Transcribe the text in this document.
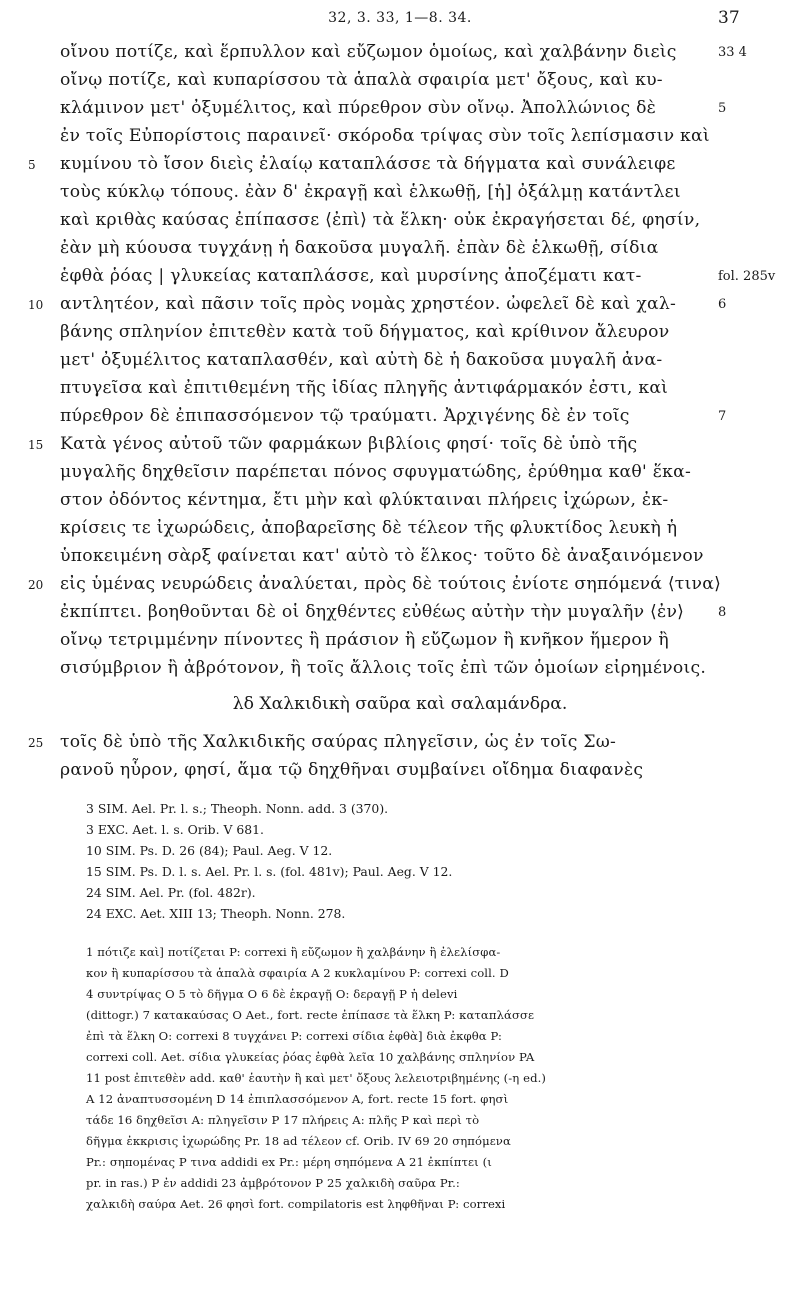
32, 3. 33, 1—8. 34.	37
οἴνου ποτίζε, καὶ ἕρπυλλον καὶ εὔζωμον ὁμοίως, καὶ χαλβάνην διεὶς
οἴνῳ ποτίζε, καὶ κυπαρίσσου τὰ ἁπαλὰ σφαιρία μετ' ὄξους, καὶ κυ-
κλάμινον μετ' ὀξυμέλιτος, καὶ πύρεθρον σὺν οἴνῳ. Ἀπολλώνιος δὲ
ἐν τοῖς Εὐπορίστοις παραινεῖ· σκόροδα τρίψας σὺν τοῖς λεπίσμασιν καὶ
κυμίνου τὸ ἴσον διεὶς ἐλαίῳ καταπλάσσε τὰ δήγματα καὶ συνάλειφε
τοὺς κύκλῳ τόπους. ἐὰν δ' ἐκραγῇ καὶ ἑλκωθῇ, [ἡ] ὀξάλμῃ κατάντλει
καὶ κριθὰς καύσας ἐπίπασσε ⟨ἐπὶ⟩ τὰ ἕλκη· οὐκ ἐκραγήσεται δέ, φησίν,
ἐὰν μὴ κύουσα τυγχάνῃ ἡ δακοῦσα μυγαλῆ. ἐπὰν δὲ ἑλκωθῇ, σίδια
ἑφθὰ ῥόας | γλυκείας καταπλάσσε, καὶ μυρσίνης ἀποζέματι κατ-
αντλητέον, καὶ πᾶσιν τοῖς πρὸς νομὰς χρηστέον. ὠφελεῖ δὲ καὶ χαλ-
βάνης σπληνίον ἐπιτεθὲν κατὰ τοῦ δήγματος, καὶ κρίθινον ἄλευρον
μετ' ὀξυμέλιτος καταπλασθέν, καὶ αὐτὴ δὲ ἡ δακοῦσα μυγαλῆ ἀνα-
πτυγεῖσα καὶ ἐπιτιθεμένη τῆς ἰδίας πληγῆς ἀντιφάρμακόν ἐστι, καὶ
πύρεθρον δὲ ἐπιπασσόμενον τῷ τραύματι. Ἀρχιγένης δὲ ἐν τοῖς
Κατὰ γένος αὐτοῦ τῶν φαρμάκων βιβλίοις φησί· τοῖς δὲ ὑπὸ τῆς
μυγαλῆς δηχθεῖσιν παρέπεται πόνος σφυγματώδης, ἐρύθημα καθ' ἕκα-
στον ὀδόντος κέντημα, ἔτι μὴν καὶ φλύκταιναι πλήρεις ἰχώρων, ἐκ-
κρίσεις τε ἰχωρώδεις, ἀποβαρεῖσης δὲ τέλεον τῆς φλυκτίδος λευκὴ ἡ
ὑποκειμένη σὰρξ φαίνεται κατ' αὐτὸ τὸ ἕλκος· τοῦτο δὲ ἀναξαινόμενον
εἰς ὑμένας νευρώδεις ἀναλύεται, πρὸς δὲ τούτοις ἐνίοτε σηπόμενά ⟨τινα⟩
ἐκπίπτει. βοηθοῦνται δὲ οἱ δηχθέντες εὐθέως αὐτὴν τὴν μυγαλῆν ⟨ἐν⟩
οἴνῳ τετριμμένην πίνοντες ἢ πράσιον ἢ εὔζωμον ἢ κνῆκον ἥμερον ἢ
σισύμβριον ἢ ἀβρότονον, ἢ τοῖς ἄλλοις τοῖς ἐπὶ τῶν ὁμοίων εἰρημένοις.
λδ Χαλκιδικὴ σαῦρα καὶ σαλαμάνδρα.
τοῖς δὲ ὑπὸ τῆς Χαλκιδικῆς σαύρας πληγεῖσιν, ὡς ἐν τοῖς Σω-
ρανοῦ ηὗρον, φησί, ἅμα τῷ δηχθῆναι συμβαίνει οἴδημα διαφανὲς
5
10
15
20
25
33 4
5
fol. 285v
6
7
8
3 SIM. Ael. Pr. l. s.; Theoph. Nonn. add. 3 (370).
3 EXC. Aet. l. s. Orib. V 681.
10 SIM. Ps. D. 26 (84); Paul. Aeg. V 12.
15 SIM. Ps. D. l. s. Ael. Pr. l. s. (fol. 481v); Paul. Aeg. V 12.
24 SIM. Ael. Pr. (fol. 482r).
24 EXC. Aet. XIII 13; Theoph. Nonn. 278.
1 πότιζε καὶ] ποτίζεται P: correxi ἢ εὔζωμον ἢ χαλβάνην ἢ ἐλελίσφα-
κον ἢ κυπαρίσσου τὰ ἁπαλὰ σφαιρία A 2 κυκλαμίνου P: correxi coll. D
4 συντρίψας O 5 τὸ δῆγμα O 6 δὲ ἐκραγῇ O: δεραγῇ P ἡ delevi
(dittogr.) 7 κατακαύσας O Aet., fort. recte ἐπίπασε τὰ ἕλκη P: καταπλάσσε
ἐπὶ τὰ ἕλκη O: correxi 8 τυγχάνει P: correxi σίδια ἑφθὰ] διὰ ἐκφθα P:
correxi coll. Aet. σίδια γλυκείας ῥόας ἑφθὰ λεῖα 10 χαλβάνης σπληνίον PA
11 post ἐπιτεθὲν add. καθ' ἑαυτὴν ἢ καὶ μετ' ὄξους λελειοτριβημένης (-η ed.)
A 12 ἀναπτυσσομένη D 14 ἐπιπλασσόμενον A, fort. recte 15 fort. φησὶ
τάδε 16 δηχθεῖσι A: πληγεῖσιν P 17 πλήρεις A: πλῆς P καὶ περὶ τὸ
δῆγμα ἐκκρισις ἰχωρώδης Pr. 18 ad τέλεον cf. Orib. IV 69 20 σηπόμενα
Pr.: σηπομένας P τινα addidi ex Pr.: μέρη σηπόμενα A 21 ἐκπίπτει (ι
pr. in ras.) P ἐν addidi 23 ἀμβρότονον P 25 χαλκιδὴ σαῦρα Pr.:
χαλκιδὴ σαύρα Aet. 26 φησὶ fort. compilatoris est ληφθῆναι P: correxi
